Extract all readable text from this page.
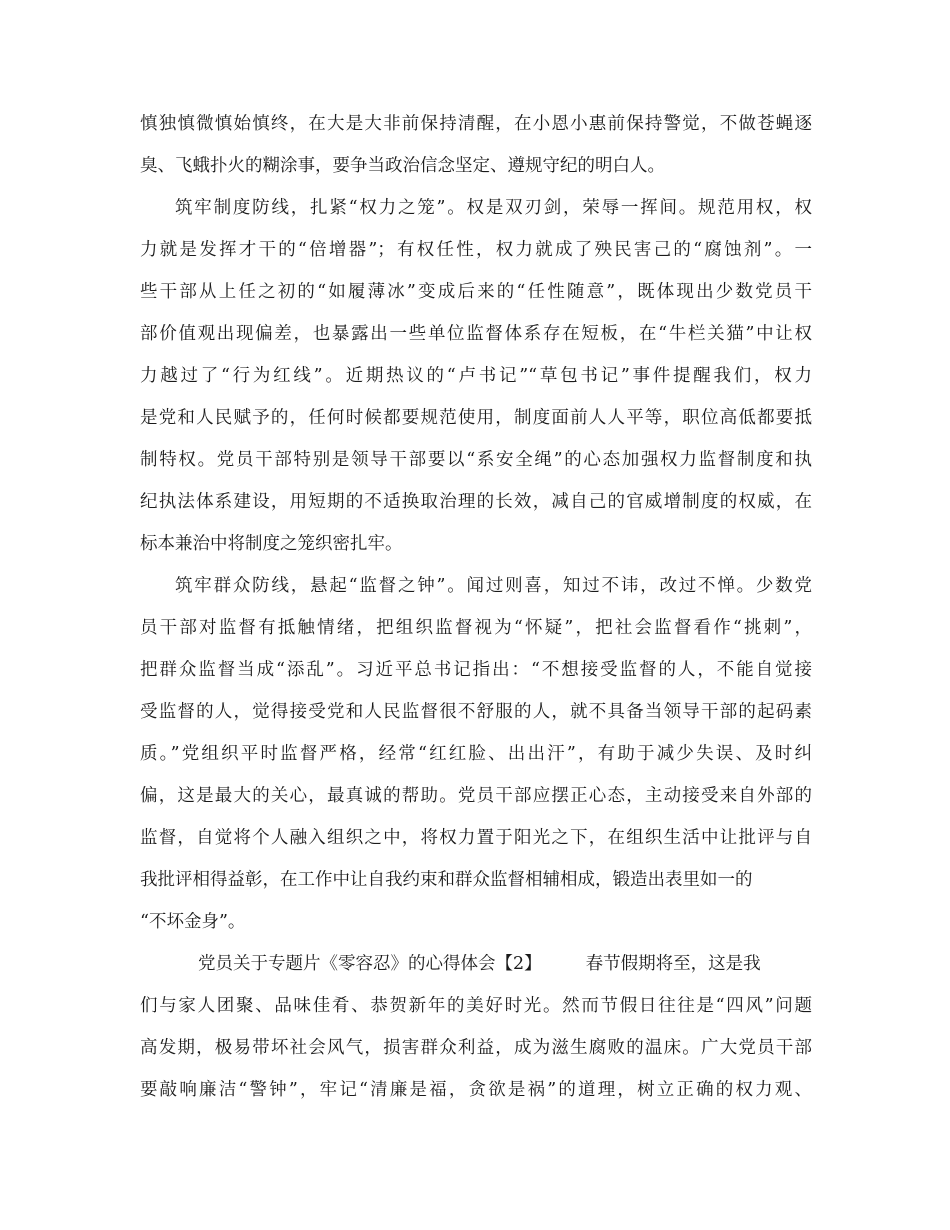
慎独慎微慎始慎终，在大是大非前保持清醒，在小恩小惠前保持警觉，不做苍蝇逐
臭、飞蛾扑火的糊涂事，要争当政治信念坚定、遵规守纪的明白人。
筑牢制度防线，扎紧“权力之笼”。权是双刃剑，荣辱一挥间。规范用权，权
力就是发挥才干的“倍增器”；有权任性，权力就成了殃民害己的“腐蚀剂”。一
些干部从上任之初的“如履薄冰”变成后来的“任性随意”，既体现出少数党员干
部价值观出现偏差，也暴露出一些单位监督体系存在短板，在“牛栏关猫”中让权
力越过了“行为红线”。近期热议的“卢书记”“草包书记”事件提醒我们，权力
是党和人民赋予的，任何时候都要规范使用，制度面前人人平等，职位高低都要抵
制特权。党员干部特别是领导干部要以“系安全绳”的心态加强权力监督制度和执
纪执法体系建设，用短期的不适换取治理的长效，减自己的官威增制度的权威，在
标本兼治中将制度之笼织密扎牢。
筑牢群众防线，悬起“监督之钟”。闻过则喜，知过不讳，改过不惮。少数党
员干部对监督有抵触情绪，把组织监督视为“怀疑”，把社会监督看作“挑刺”，
把群众监督当成“添乱”。习近平总书记指出：“不想接受监督的人，不能自觉接
受监督的人，觉得接受党和人民监督很不舒服的人，就不具备当领导干部的起码素
质。”党组织平时监督严格，经常“红红脸、出出汗”，有助于减少失误、及时纠
偏，这是最大的关心，最真诚的帮助。党员干部应摆正心态，主动接受来自外部的
监督，自觉将个人融入组织之中，将权力置于阳光之下，在组织生活中让批评与自
我批评相得益彰，在工作中让自我约束和群众监督相辅相成，锻造出表里如一的
“不坏金身”。
党员关于专题片《零容忍》的心得体会【2】	春节假期将至，这是我
们与家人团聚、品味佳肴、恭贺新年的美好时光。然而节假日往往是“四风”问题
高发期，极易带坏社会风气，损害群众利益，成为滋生腐败的温床。广大党员干部
要敲响廉洁“警钟”，牢记“清廉是福，贪欲是祸”的道理，树立正确的权力观、
